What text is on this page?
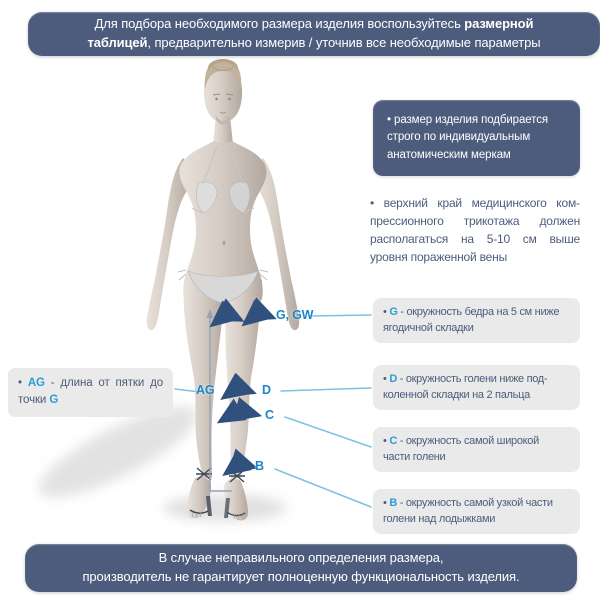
Для подбора необходимого размера изделия воспользуйтесь размерной
таблицей, предварительно измерив / уточнив все необходимые параметры
• размер изделия подбирается строго по индивидуальным анатомическим меркам
• верхний край медицинского компрессионного трикотажа должен располагаться на 5-10 см выше уровня пораженной вены
• G - окружность бедра на 5 см ниже
ягодичной складки
• D - окружность голени ниже под-
коленной складки на 2 пальца
• C - окружность самой широкой
части голени
• B - окружность самой узкой части
голени над лодыжками
• AG - длина от пятки до точки G
G, GW
AG	D
C
B
В случае неправильного определения размера,
производитель не гарантирует полноценную функциональность изделия.
